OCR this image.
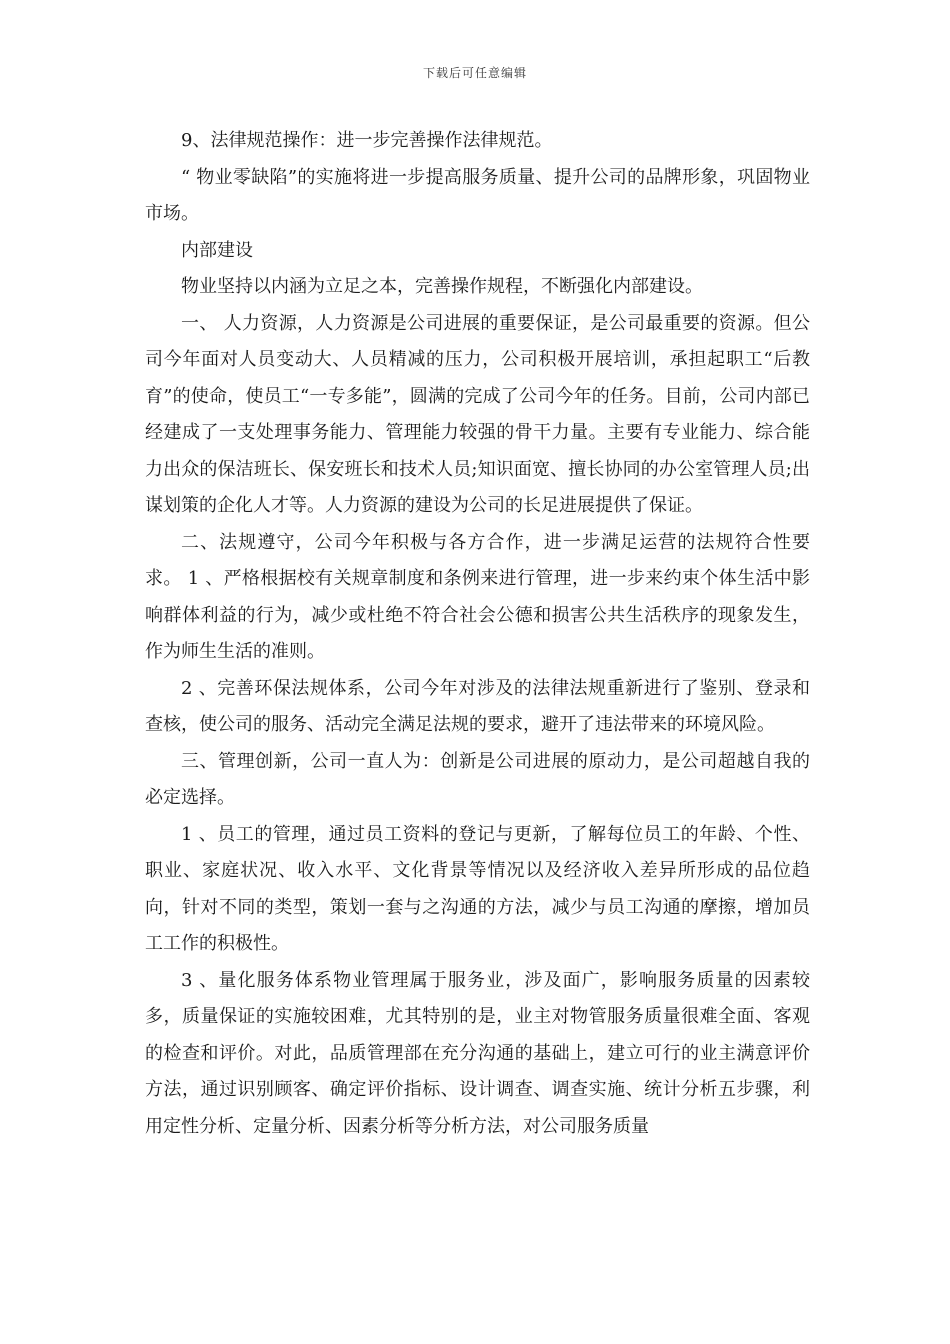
下载后可任意编辑

9、法律规范操作：进一步完善操作法律规范。

“ 物业零缺陷”的实施将进一步提高服务质量、提升公司的品牌形象，巩固物业市场。

内部建设

物业坚持以内涵为立足之本，完善操作规程，不断强化内部建设。

一、 人力资源，人力资源是公司进展的重要保证，是公司最重要的资源。但公司今年面对人员变动大、人员精减的压力，公司积极开展培训，承担起职工“后教育”的使命，使员工“一专多能”，圆满的完成了公司今年的任务。目前，公司内部已经建成了一支处理事务能力、管理能力较强的骨干力量。主要有专业能力、综合能力出众的保洁班长、保安班长和技术人员;知识面宽、擅长协同的办公室管理人员;出谋划策的企化人才等。人力资源的建设为公司的长足进展提供了保证。

二、法规遵守，公司今年积极与各方合作，进一步满足运营的法规符合性要求。 1 、严格根据校有关规章制度和条例来进行管理，进一步来约束个体生活中影响群体利益的行为，减少或杜绝不符合社会公德和损害公共生活秩序的现象发生，作为师生生活的准则。

2 、完善环保法规体系，公司今年对涉及的法律法规重新进行了鉴别、登录和查核，使公司的服务、活动完全满足法规的要求，避开了违法带来的环境风险。

三、管理创新，公司一直人为：创新是公司进展的原动力，是公司超越自我的必定选择。

1 、员工的管理，通过员工资料的登记与更新，了解每位员工的年龄、个性、职业、家庭状况、收入水平、文化背景等情况以及经济收入差异所形成的品位趋向，针对不同的类型，策划一套与之沟通的方法，减少与员工沟通的摩擦，增加员工工作的积极性。

3 、量化服务体系物业管理属于服务业，涉及面广，影响服务质量的因素较多，质量保证的实施较困难，尤其特别的是，业主对物管服务质量很难全面、客观的检查和评价。对此，品质管理部在充分沟通的基础上，建立可行的业主满意评价方法，通过识别顾客、确定评价指标、设计调查、调查实施、统计分析五步骤，利用定性分析、定量分析、因素分析等分析方法，对公司服务质量
